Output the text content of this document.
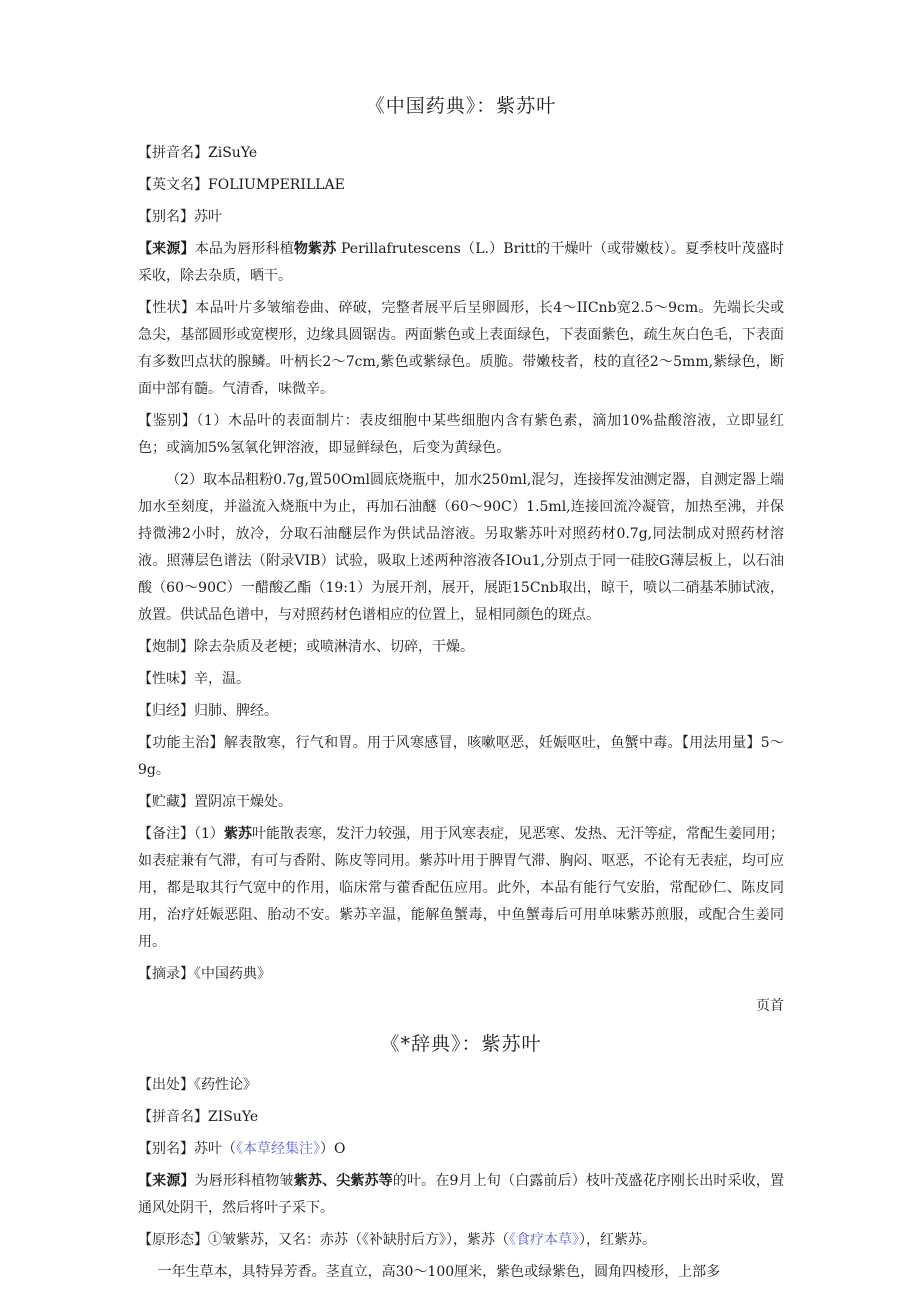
《中国药典》：紫苏叶

【拼音名】ZiSuYe

【英文名】FOLIUMPERILLAE

【别名】苏叶

【来源】本品为唇形科植物紫苏 Perillafrutescens（L.）Britt的干燥叶（或带嫩枝）。夏季枝叶茂盛时采收，除去杂质，晒干。

【性状】本品叶片多皱缩卷曲、碎破，完整者展平后呈卵圆形，长4～IICnb宽2.5～9cm。先端长尖或急尖，基部圆形或宽楔形，边缘具圆锯齿。两面紫色或上表面绿色，下表面紫色，疏生灰白色毛，下表面有多数凹点状的腺鳞。叶柄长2～7cm,紫色或紫绿色。质脆。带嫩枝者，枝的直径2～5mm,紫绿色，断面中部有髓。气清香，味微辛。

【鉴别】（1）木品叶的表面制片：表皮细胞中某些细胞内含有紫色素，滴加10%盐酸溶液，立即显红色；或滴加5%氢氧化钾溶液，即显鲜绿色，后变为黄绿色。

（2）取本品粗粉0.7g,置50Oml圆底烧瓶中，加水250ml,混匀，连接挥发油测定器，自测定器上端加水至刻度，并溢流入烧瓶中为止，再加石油醚（60～90C）1.5ml,连接回流冷凝管，加热至沸，并保持微沸2小时，放冷，分取石油醚层作为供试品溶液。另取紫苏叶对照药材0.7g,同法制成对照药材溶液。照薄层色谱法（附录VIB）试验，吸取上述两种溶液各IOu1,分别点于同一硅胶G薄层板上，以石油酸（60～90C）一醋酸乙酯（19:1）为展开剂，展开，展距15Cnb取出，晾干，喷以二硝基苯肺试液，放置。供试品色谱中，与对照药材色谱相应的位置上，显相同颜色的斑点。

【炮制】除去杂质及老梗；或喷淋清水、切碎，干燥。

【性味】辛，温。

【归经】归肺、脾经。

【功能主治】解表散寒，行气和胃。用于风寒感冒，咳嗽呕恶，妊娠呕吐，鱼蟹中毒。【用法用量】5～9g。

【贮藏】置阴凉干燥处。

【备注】（1）紫苏叶能散表寒，发汗力较强，用于风寒表症，见恶寒、发热、无汗等症，常配生姜同用；如表症兼有气滞，有可与香附、陈皮等同用。紫苏叶用于脾胃气滞、胸闷、呕恶，不论有无表症，均可应用，都是取其行气宽中的作用，临床常与藿香配伍应用。此外，本品有能行气安胎，常配砂仁、陈皮同用，治疗妊娠恶阻、胎动不安。紫苏辛温，能解鱼蟹毒，中鱼蟹毒后可用单味紫苏煎服，或配合生姜同用。

【摘录】《中国药典》

页首
《*辞典》：紫苏叶

【出处】《药性论》

【拼音名】ZISuYe

【别名】苏叶（《本草经集注》）O

【来源】为唇形科植物皱紫苏、尖紫苏等的叶。在9月上旬（白露前后）枝叶茂盛花序刚长出时采收，置通风处阴干，然后将叶子采下。

【原形态】①皱紫苏，又名：赤苏（《补缺肘后方》），紫苏（《食疗本草》），红紫苏。

一年生草本，具特异芳香。茎直立，高30～100厘米，紫色或绿紫色，圆角四棱形，上部多
